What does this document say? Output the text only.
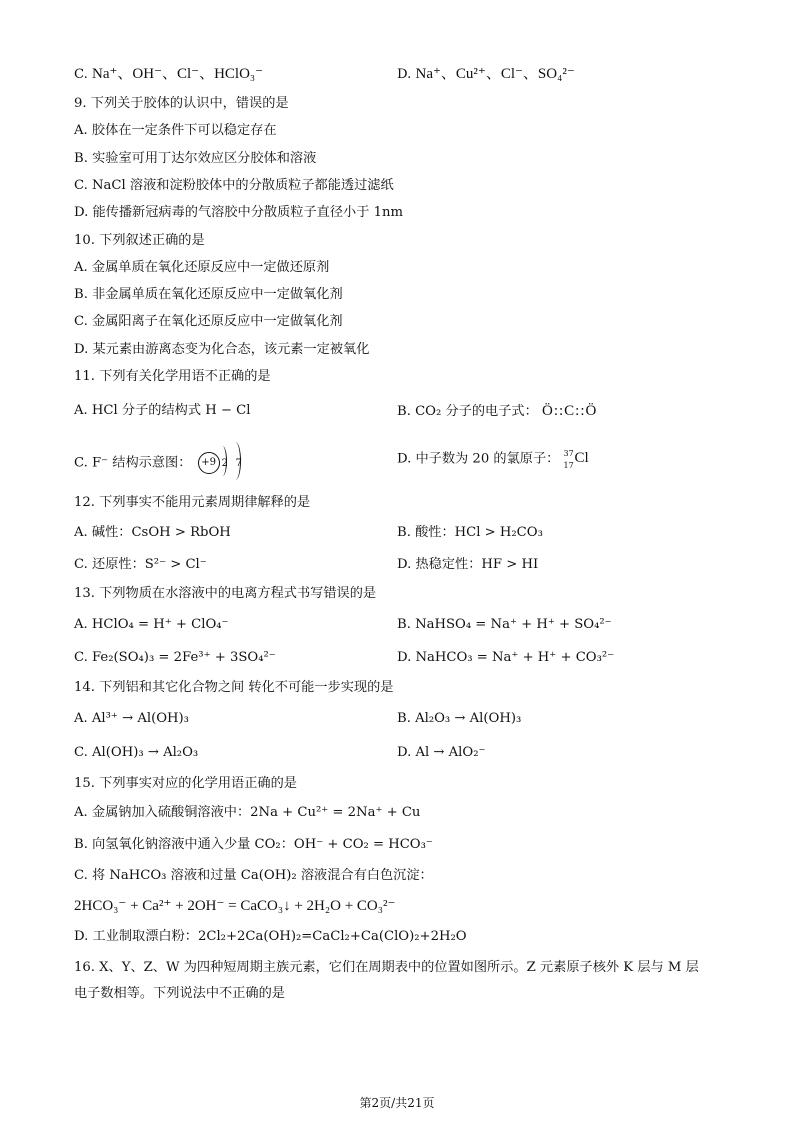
C. Na⁺、OH⁻、Cl⁻、HClO₃⁻	D. Na⁺、Cu²⁺、Cl⁻、SO₄²⁻
9. 下列关于胶体的认识中，错误的是
A. 胶体在一定条件下可以稳定存在
B. 实验室可用丁达尔效应区分胶体和溶液
C. NaCl 溶液和淀粉胶体中的分散质粒子都能透过滤纸
D. 能传播新冠病毒的气溶胶中分散质粒子直径小于 1nm
10. 下列叙述正确的是
A. 金属单质在氧化还原反应中一定做还原剂
B. 非金属单质在氧化还原反应中一定做氧化剂
C. 金属阳离子在氧化还原反应中一定做氧化剂
D. 某元素由游离态变为化合态，该元素一定被氧化
11. 下列有关化学用语不正确的是
A. HCl 分子的结构式 H − Cl	B. CO₂ 分子的电子式： Ö::C::Ö
C. F⁻ 结构示意图： +9 2 7	D. 中子数为 20 的氯原子： 37
17 Cl
12. 下列事实不能用元素周期律解释的是
A. 碱性：CsOH > RbOH	B. 酸性：HCl > H₂CO₃
C. 还原性：S²⁻ > Cl⁻	D. 热稳定性：HF > HI
13. 下列物质在水溶液中的电离方程式书写错误的是
A. HClO₄ = H⁺ + ClO₄⁻	B. NaHSO₄ = Na⁺ + H⁺ + SO₄²⁻
C. Fe₂(SO₄)₃ = 2Fe³⁺ + 3SO₄²⁻	D. NaHCO₃ = Na⁺ + H⁺ + CO₃²⁻
14. 下列铝和其它化合物之间 转化不可能一步实现的是
A. Al³⁺ → Al(OH)₃	B. Al₂O₃ → Al(OH)₃
C. Al(OH)₃ → Al₂O₃	D. Al → AlO₂⁻
15. 下列事实对应的化学用语正确的是
A. 金属钠加入硫酸铜溶液中：2Na + Cu²⁺ = 2Na⁺ + Cu
B. 向氢氧化钠溶液中通入少量 CO₂：OH⁻ + CO₂ = HCO₃⁻
C. 将 NaHCO₃ 溶液和过量 Ca(OH)₂ 溶液混合有白色沉淀：
2HCO₃⁻ + Ca²⁺ + 2OH⁻ = CaCO₃↓ + 2H₂O + CO₃²⁻
D. 工业制取漂白粉：2Cl₂+2Ca(OH)₂=CaCl₂+Ca(ClO)₂+2H₂O
16. X、Y、Z、W 为四种短周期主族元素，它们在周期表中的位置如图所示。Z 元素原子核外 K 层与 M 层
电子数相等。下列说法中不正确的是
第2页/共21页
